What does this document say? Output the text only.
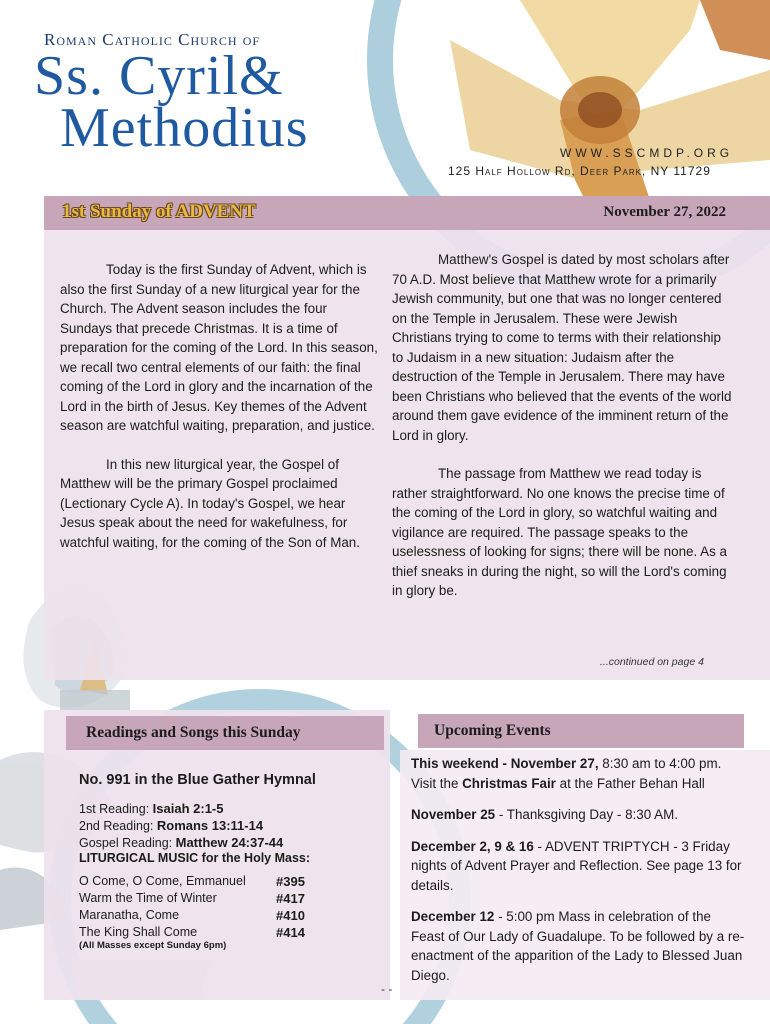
Roman Catholic Church of
Ss. Cyril&
Methodius	WWW.SSCMDP.ORG
125 Half Hollow Rd, Deer Park, NY 11729
1st Sunday of ADVENT	November 27, 2022

Today is the first Sunday of Advent, which is also the first Sunday of a new liturgical year for the Church. The Advent season includes the four Sundays that precede Christmas. It is a time of preparation for the coming of the Lord. In this season, we recall two central elements of our faith: the final coming of the Lord in glory and the incarnation of the Lord in the birth of Jesus. Key themes of the Advent season are watchful waiting, preparation, and justice.

In this new liturgical year, the Gospel of Matthew will be the primary Gospel proclaimed (Lectionary Cycle A). In today's Gospel, we hear Jesus speak about the need for wakefulness, for watchful waiting, for the coming of the Son of Man.

Matthew's Gospel is dated by most scholars after 70 A.D. Most believe that Matthew wrote for a primarily Jewish community, but one that was no longer centered on the Temple in Jerusalem. These were Jewish Christians trying to come to terms with their relationship to Judaism in a new situation: Judaism after the destruction of the Temple in Jerusalem. There may have been Christians who believed that the events of the world around them gave evidence of the imminent return of the Lord in glory.

The passage from Matthew we read today is rather straightforward. No one knows the precise time of the coming of the Lord in glory, so watchful waiting and vigilance are required. The passage speaks to the uselessness of looking for signs; there will be none. As a thief sneaks in during the night, so will the Lord's coming in glory be.

...continued on page 4
Readings and Songs this Sunday	Upcoming Events
No. 991 in the Blue Gather Hymnal
1st Reading: Isaiah 2:1-5
2nd Reading: Romans 13:11-14
Gospel Reading: Matthew 24:37-44
LITURGICAL MUSIC for the Holy Mass:
O Come, O Come, Emmanuel #395
Warm the Time of Winter	#417
Maranatha, Come	#410
The King Shall Come	#414
(All Masses except Sunday 6pm)
This weekend - November 27, 8:30 am to 4:00 pm. Visit the Christmas Fair at the Father Behan Hall
November 25 - Thanksgiving Day - 8:30 AM.
December 2, 9 & 16 - ADVENT TRIPTYCH - 3 Friday nights of Advent Prayer and Reflection. See page 13 for details.
December 12 - 5:00 pm Mass in celebration of the Feast of Our Lady of Guadalupe. To be followed by a re-enactment of the apparition of the Lady to Blessed Juan Diego.
- -
